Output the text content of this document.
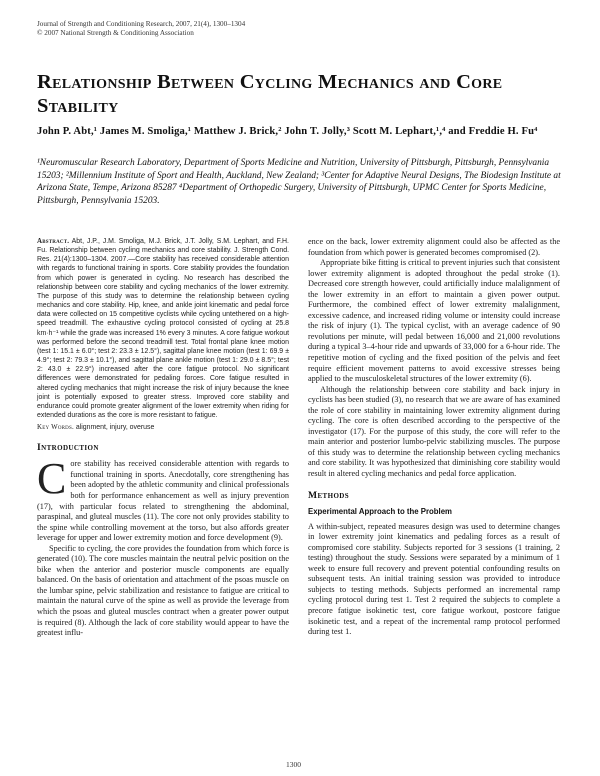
Journal of Strength and Conditioning Research, 2007, 21(4), 1300–1304
© 2007 National Strength & Conditioning Association
Relationship Between Cycling Mechanics and Core Stability
John P. Abt,¹ James M. Smoliga,¹ Matthew J. Brick,² John T. Jolly,³ Scott M. Lephart,¹,⁴ and Freddie H. Fu⁴
¹Neuromuscular Research Laboratory, Department of Sports Medicine and Nutrition, University of Pittsburgh, Pittsburgh, Pennsylvania 15203; ²Millennium Institute of Sport and Health, Auckland, New Zealand; ³Center for Adaptive Neural Designs, The Biodesign Institute at Arizona State, Tempe, Arizona 85287 ⁴Department of Orthopedic Surgery, University of Pittsburgh, UPMC Center for Sports Medicine, Pittsburgh, Pennsylvania 15203.

Abstract. Abt, J.P., J.M. Smoliga, M.J. Brick, J.T. Jolly, S.M. Lephart, and F.H. Fu. Relationship between cycling mechanics and core stability. J. Strength Cond. Res. 21(4):1300–1304. 2007.—Core stability has received considerable attention with regards to functional training in sports. Core stability provides the foundation from which power is generated in cycling. No research has described the relationship between core stability and cycling mechanics of the lower extremity. The purpose of this study was to determine the relationship between cycling mechanics and core stability. Hip, knee, and ankle joint kinematic and pedal force data were collected on 15 competitive cyclists while cycling untethered on a high-speed treadmill. The exhaustive cycling protocol consisted of cycling at 25.8 km·h⁻¹ while the grade was increased 1% every 3 minutes. A core fatigue workout was performed before the second treadmill test. Total frontal plane knee motion (test 1: 15.1 ± 6.0°; test 2: 23.3 ± 12.5°), sagittal plane knee motion (test 1: 69.9 ± 4.9°; test 2: 79.3 ± 10.1°), and sagittal plane ankle motion (test 1: 29.0 ± 8.5°; test 2: 43.0 ± 22.9°) increased after the core fatigue protocol. No significant differences were demonstrated for pedaling forces. Core fatigue resulted in altered cycling mechanics that might increase the risk of injury because the knee joint is potentially exposed to greater stress. Improved core stability and endurance could promote greater alignment of the lower extremity when riding for extended durations as the core is more resistant to fatigue.

Key Words. alignment, injury, overuse

Introduction

Core stability has received considerable attention with regards to functional training in sports. Anecdotally, core strengthening has been adopted by the athletic community and clinical professionals both for performance enhancement as well as injury prevention (17), with particular focus related to strengthening the abdominal, paraspinal, and gluteal muscles (11). The core not only provides stability to the spine while controlling movement at the torso, but also affords greater leverage for upper and lower extremity motion and force development (9).

Specific to cycling, the core provides the foundation from which force is generated (10). The core muscles maintain the neutral pelvic position on the bike when the anterior and posterior muscle components are equally balanced. On the basis of orientation and attachment of the psoas muscle on the lumbar spine, pelvic stabilization and resistance to fatigue are critical to maintain the natural curve of the spine as well as provide the leverage from which the psoas and gluteal muscles contract when a greater power output is required (8). Although the lack of core stability would appear to have the greatest influ-

ence on the back, lower extremity alignment could also be affected as the foundation from which power is generated becomes compromised (2).

Appropriate bike fitting is critical to prevent injuries such that consistent lower extremity alignment is adopted throughout the pedal stroke (1). Decreased core strength however, could artificially induce malalignment of the lower extremity in an effort to maintain a given power output. Furthermore, the combined effect of lower extremity malalignment, excessive cadence, and increased riding volume or intensity could increase the risk of injury (1). The typical cyclist, with an average cadence of 90 revolutions per minute, will pedal between 16,000 and 21,000 revolutions during a typical 3–4-hour ride and upwards of 33,000 for a 6-hour ride. The repetitive motion of cycling and the fixed position of the pelvis and feet require efficient movement patterns to avoid excessive stresses being applied to the musculoskeletal structures of the lower extremity (6).

Although the relationship between core stability and back injury in cyclists has been studied (3), no research that we are aware of has examined the role of core stability in maintaining lower extremity alignment during cycling. The core is often described according to the perspective of the investigator (17). For the purpose of this study, the core will refer to the main anterior and posterior lumbo-pelvic stabilizing muscles. The purpose of this study was to determine the relationship between cycling mechanics and core stability. It was hypothesized that diminishing core stability would result in altered cycling mechanics and pedal force application.

Methods
Experimental Approach to the Problem

A within-subject, repeated measures design was used to determine changes in lower extremity joint kinematics and pedaling forces as a result of compromised core stability. Subjects reported for 3 sessions (1 training, 2 testing) throughout the study. Sessions were separated by a minimum of 1 week to ensure full recovery and prevent potential confounding results on subsequent tests. An initial training session was provided to introduce subjects to testing methods. Subjects performed an incremental ramp cycling protocol during test 1. Test 2 required the subjects to complete a precore fatigue isokinetic test, core fatigue workout, postcore fatigue isokinetic test, and a repeat of the incremental ramp protocol performed during test 1.

1300
